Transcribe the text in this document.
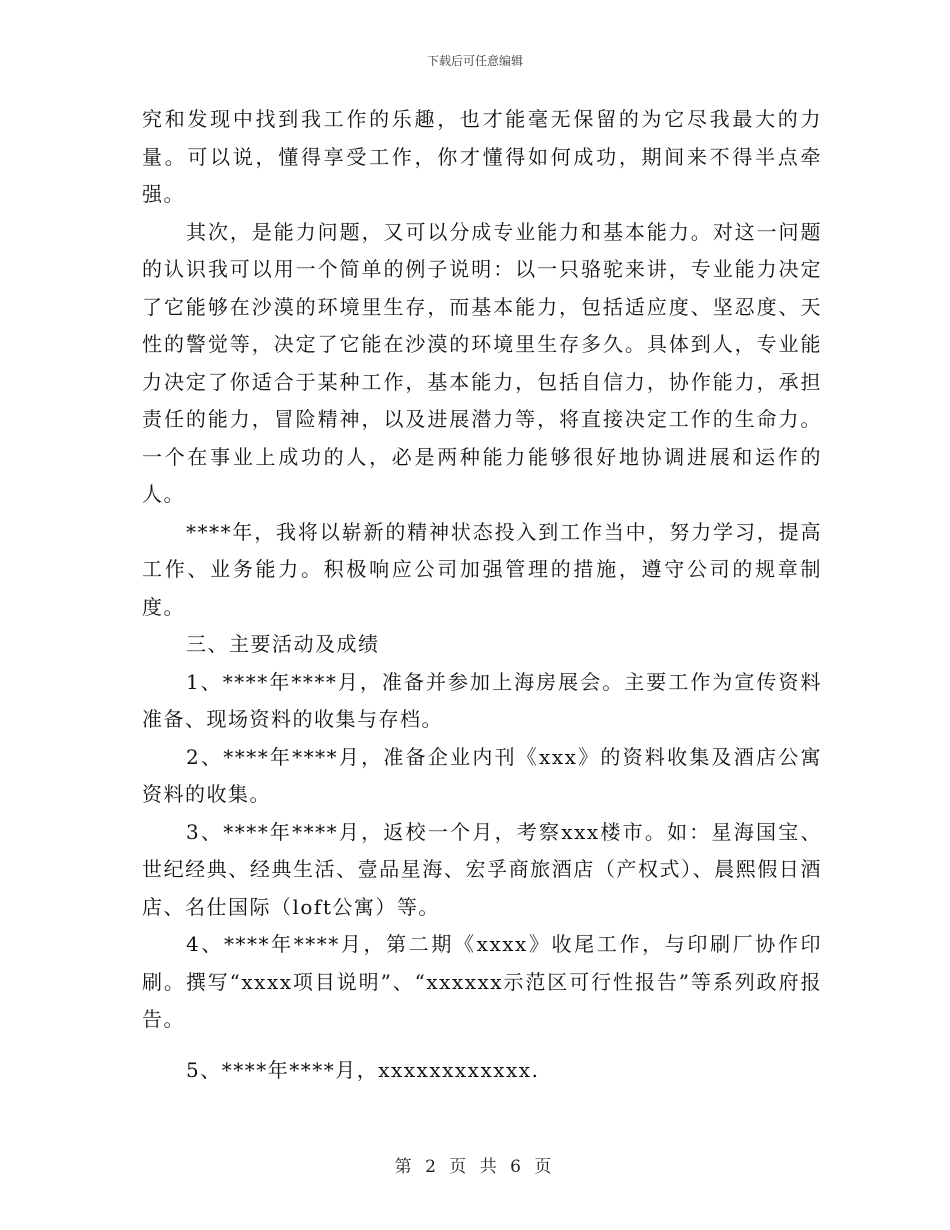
下载后可任意编辑

究和发现中找到我工作的乐趣，也才能毫无保留的为它尽我最大的力量。可以说，懂得享受工作，你才懂得如何成功，期间来不得半点牵强。

其次，是能力问题，又可以分成专业能力和基本能力。对这一问题的认识我可以用一个简单的例子说明：以一只骆驼来讲，专业能力决定了它能够在沙漠的环境里生存，而基本能力，包括适应度、坚忍度、天性的警觉等，决定了它能在沙漠的环境里生存多久。具体到人，专业能力决定了你适合于某种工作，基本能力，包括自信力，协作能力，承担责任的能力，冒险精神，以及进展潜力等，将直接决定工作的生命力。一个在事业上成功的人，必是两种能力能够很好地协调进展和运作的人。

****年，我将以崭新的精神状态投入到工作当中，努力学习，提高工作、业务能力。积极响应公司加强管理的措施，遵守公司的规章制度。

三、主要活动及成绩

1、****年****月，准备并参加上海房展会。主要工作为宣传资料准备、现场资料的收集与存档。

2、****年****月，准备企业内刊《xxx》的资料收集及酒店公寓资料的收集。

3、****年****月，返校一个月，考察xxx楼市。如：星海国宝、世纪经典、经典生活、壹品星海、宏孚商旅酒店（产权式）、晨熙假日酒店、名仕国际（loft公寓）等。

4、****年****月，第二期《xxxx》收尾工作，与印刷厂协作印刷。撰写“xxxx项目说明”、“xxxxxx示范区可行性报告”等系列政府报告。

5、****年****月，xxxxxxxxxxxx.

第 2 页 共 6 页
